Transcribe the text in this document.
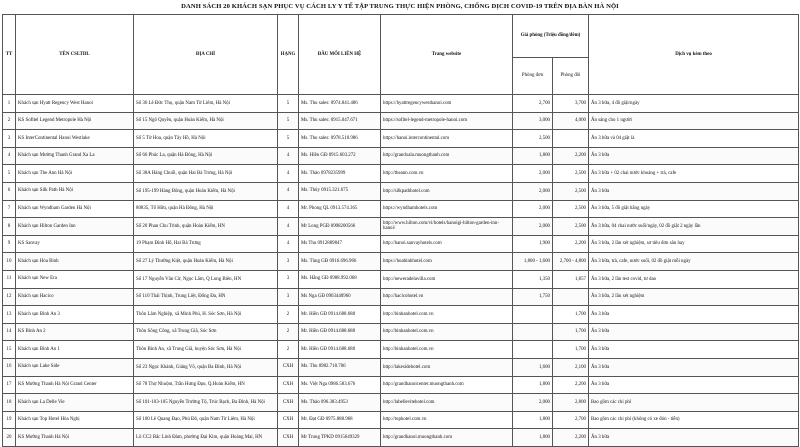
DANH SÁCH 20 KHÁCH SẠN PHỤC VỤ CÁCH LY Y TẾ TẬP TRUNG THỰC HIỆN PHÒNG, CHỐNG DỊCH COVID-19 TRÊN ĐỊA BÀN HÀ NỘI
TT	TÊN CSLTDL	ĐỊA CHỈ	HẠNG	ĐẦU MỐI LIÊN HỆ	Trang website	Giá phòng (Triệu đồng/đêm)		Dịch vụ kèm theo
						Phòng đơn	Phòng đôi	
1	Khách sạn Hyatt Regency West Hanoi	Số 36 Lê Đức Thọ, quận Nam Từ Liêm, Hà Nội	5	Ms. Thu sales: 0974.841.486	https://hyattregencywesthanoi.com	2,700	3,700	Ăn 3 bữa, 4 đồ giặt/ngày
2	KS Sofitel Legend Metropole Hà Nội	Số 15 Ngô Quyền, quận Hoàn Kiếm, Hà Nội	5	Ms. Thu sales: 0915.047.671	https://sofitel-legend-metropole-hanoi.com	3,000	4,000	Ăn sáng cho 1 người
3	KS InterContinental Hanoi Westlake	Số 5 Từ Hoa, quận Tây Hồ, Hà Nội	5	Ms. Thu sales: 0978.510.986	https://hanoi.intercontinental.com	2,500		Ăn 3 bữa và 04 giặt là
4	Khách sạn Mường Thanh Grand Xa La	Số 66 Phúc La, quận Hà Đông, Hà Nội	4	Ms. Hiền GĐ 0915.603.272	http://grandxala.muongthanh.com	1,800	2,200	Ăn 3 bữa
5	Khách sạn The Ann Hà Nội	Số 38A Hàng Chuối, quận Hai Bà Trưng, Hà Nội	4	Ms. Thảo 0978235999	http://theann.com.vn	2,000	2,500	Ăn 3 bữa + 02 chai nước khoáng + trà, cafe
6	Khách sạn Silk Path Hà Nội	Số 195-199 Hàng Bông, quận Hoàn Kiếm, Hà Nội	4	Ms. Thủy 0915.321.675	http://silkpathhotel.com	2,000	2,500	Ăn 3 bữa
7	Khách sạn Wyndham Garden Hà Nội	80835, Tố Hữu, quận Hà Đông, Hà Nội	4	Mr. Phong QL 0913.574.365	https://wyndhamhotels.com	2,000	2,500	Ăn 3 bữa, 5 đồ giặt hằng ngày
8	Khách sạn Hilton Garden Inn	Số 20 Phan Chu Trinh, quận Hoàn Kiếm, HN	4	Mr Long PGĐ 0908200566	http://www.hilton.com/vi/hotels/hanoigi-hilton-garden-inn-hanoi/	2,000	2,500	Ăn 3 bữa, 04 chai nước suối/ngày, 02 đồ giặt 2 ngày lần
9	KS Sanvay	19 Phạm Đình Hổ, Hai Bà Trưng	4	Ms Thu 0912889847	http://hanoi.sanvayhotels.com	1,900	2,200	Ăn 3 bữa, 2 lần xét nghiệm, sơ tiêu đơn săn hay
10	Khách sạn Hòa Bình	Số 27 Lý Thường Kiệt, quận Hoàn Kiếm, Hà Nội	3	Ms. Tùng GĐ 0916.696.966	https://hoabinhhotel.com	1,800 - 1,600	2,700 - 4,800	Ăn 3 bữa, trà, cafe, nước suối, 02 đồ giặt mỗi ngày
11	Khách sạn New Era	Số 17 Nguyễn Văn Cừ, Ngọc Lâm, Q Long Biên, HN	3	Ms. Hằng GĐ 0988.992.068	http://neweradelavilla.com	1,350	1,857	Ăn 3 bữa, 2 lần test covid, tư dao
12	Khách sạn Hacico	Số 110 Thái Thịnh, Trung Liệt, Đống Đa, HN	3	Ms Nga GĐ 0903440960	http://hacicohotel.vn	1,750		Ăn 3 bữa, 2 lần xét nghiệm
13	Khách sạn Bình An 3	Thôn Lâm Nghiệp, xã Minh Phú, H. Sóc Sơn, Hà Nội	2	Mr. Hiền GĐ 0914.688.688	http://binhanhotel.com.vn		1,700	Ăn 3 bữa
14	KS Bình An 2	Thôn Sông Công, xã Trung Giã, Sóc Sơn	2	Mr. Hiền GĐ 0914.688.688	http://binhanhotel.com.vn		1,700	Ăn 3 bữa
15	Khách sạn Bình An 1	Thôn Bình An, xã Trung Giã, huyện Sóc Sơn, Hà Nội	2	Mr. Hiền GĐ 0914.688.688	http://binhanhotel.com.vn		1,700	Ăn 3 bữa
16	Khách sạn Lake Side	Số 23 Ngọc Khánh, Giảng Võ, quận Ba Đình, Hà Nội	CXH	Ms. Thu 0982.718.706	http://lakesidehotel.com	1,600	2,100	Ăn 3 bữa
17	KS Mường Thanh Hà Nội Grand Center	Số 78 Thợ Nhuộm, Trần Hưng Đạo, Q.Hoàn Kiếm, HN	CXH	Ms. Việt Nga 0986.583.676	http://grandhanoicenter.muongthanh.com	1,800	2,200	Ăn 3 bữa
18	Khách sạn La Delle Vie	Số 101-103-105 Nguyễn Trường Tộ, Trúc Bạch, Ba Đình, Hà Nội	CXH	Ms. Thảo 096.383.4953	http://labellevitehotel.com	2,000	2,800	Bao gồm các chi phí
19	Khách sạn Top Hotel Hòa Nghị	Số 100 Lê Quang Đạo, Phú Đô, quận Nam Từ Liêm, Hà Nội	CXH	Mr. Đạt GĐ 0975.888.968	http://tophotel.com.vn	1,800	2,700	Bao gồm các chi phí (không có xe đón - tiễn)
20	KS Mường Thanh Hà Nội	Lô CC2 Bắc Linh Đàm, phường Đại Kim, quận Hoàng Mai, HN	CXH	Mr Trung TPKD 0915649329	http://grandhanoi.muongthanh.com	1,800	2,200	Ăn 3 bữa
